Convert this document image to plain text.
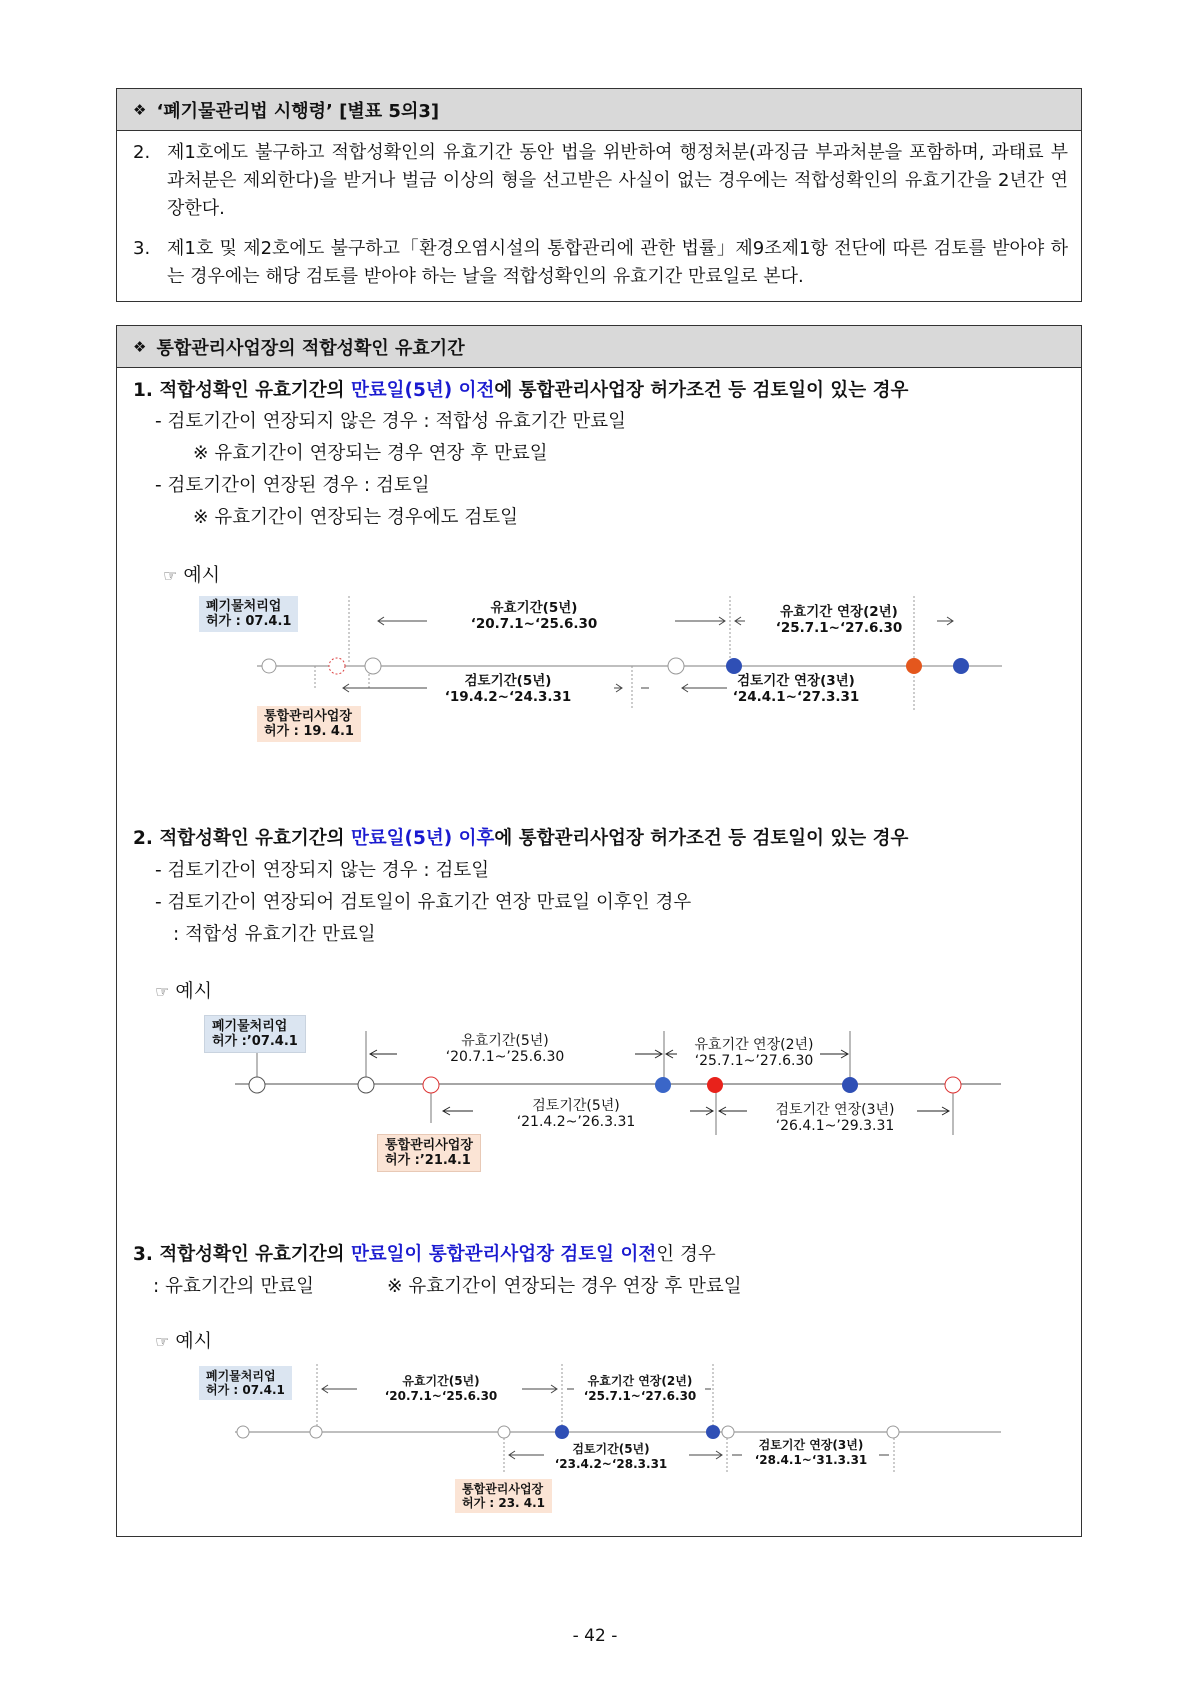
❖ ‘폐기물관리법 시행령’ [별표 5의3]
2. 제1호에도 불구하고 적합성확인의 유효기간 동안 법을 위반하여 행정처분(과징금 부과처분을 포함하며, 과태료 부과처분은 제외한다)을 받거나 벌금 이상의 형을 선고받은 사실이 없는 경우에는 적합성확인의 유효기간을 2년간 연장한다.
3. 제1호 및 제2호에도 불구하고「환경오염시설의 통합관리에 관한 법률」제9조제1항 전단에 따른 검토를 받아야 하는 경우에는 해당 검토를 받아야 하는 날을 적합성확인의 유효기간 만료일로 본다.
❖ 통합관리사업장의 적합성확인 유효기간
1. 적합성확인 유효기간의 만료일(5년) 이전에 통합관리사업장 허가조건 등 검토일이 있는 경우
- 검토기간이 연장되지 않은 경우 : 적합성 유효기간 만료일
※ 유효기간이 연장되는 경우 연장 후 만료일
- 검토기간이 연장된 경우 : 검토일
※ 유효기간이 연장되는 경우에도 검토일
☞ 예시
폐기물처리업
허가 : 07.4.1
통합관리사업장
허가 : 19. 4.1
유효기간(5년)
‘20.7.1~‘25.6.30
유효기간 연장(2년)
‘25.7.1~‘27.6.30
검토기간(5년)
‘19.4.2~‘24.3.31
검토기간 연장(3년)
‘24.4.1~‘27.3.31
2. 적합성확인 유효기간의 만료일(5년) 이후에 통합관리사업장 허가조건 등 검토일이 있는 경우
- 검토기간이 연장되지 않는 경우 : 검토일
- 검토기간이 연장되어 검토일이 유효기간 연장 만료일 이후인 경우
: 적합성 유효기간 만료일
☞ 예시
폐기물처리업
허가 :’07.4.1
통합관리사업장
허가 :’21.4.1
유효기간(5년)
‘20.7.1~’25.6.30
유효기간 연장(2년)
‘25.7.1~’27.6.30
검토기간(5년)
‘21.4.2~’26.3.31
검토기간 연장(3년)
‘26.4.1~’29.3.31
3. 적합성확인 유효기간의 만료일이 통합관리사업장 검토일 이전인 경우
: 유효기간의 만료일	※ 유효기간이 연장되는 경우 연장 후 만료일
☞ 예시
폐기물처리업
허가 : 07.4.1
통합관리사업장
허가 : 23. 4.1
유효기간(5년)
‘20.7.1~‘25.6.30
유효기간 연장(2년)
‘25.7.1~‘27.6.30
검토기간(5년)
‘23.4.2~‘28.3.31
검토기간 연장(3년)
‘28.4.1~‘31.3.31
- 42 -
